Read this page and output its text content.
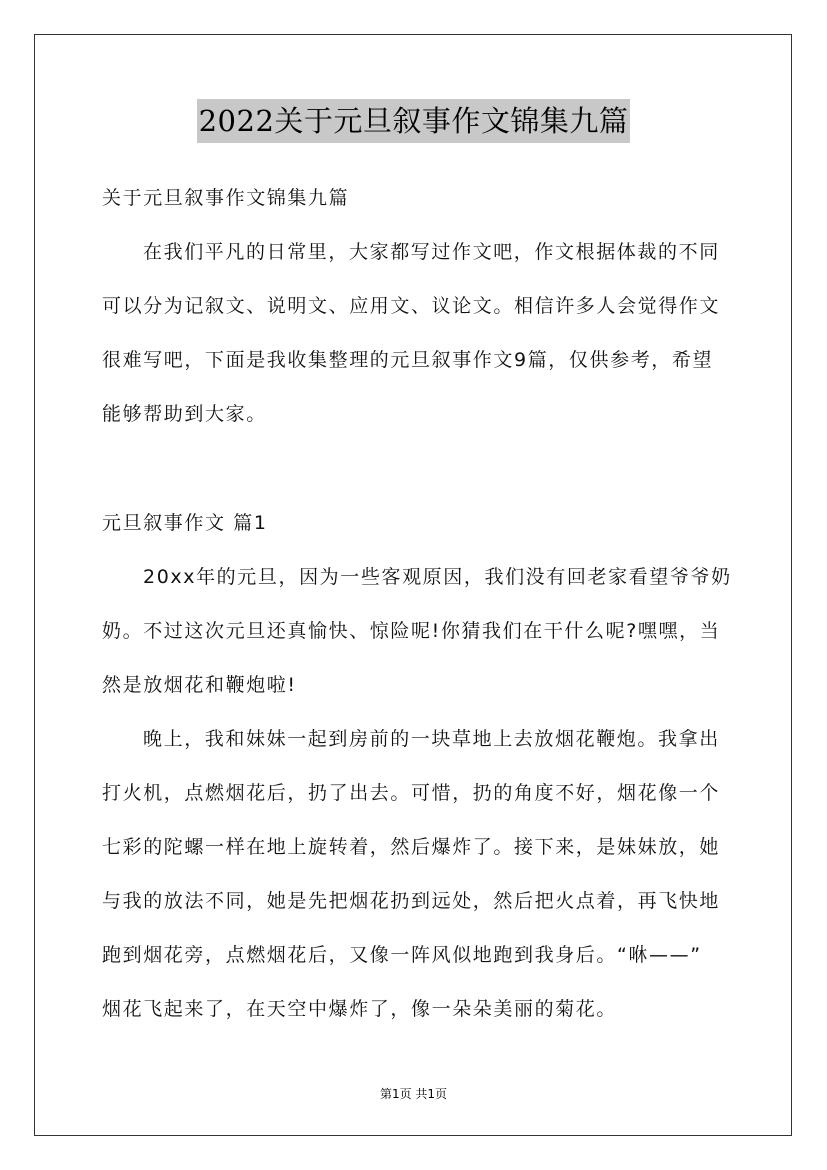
2022关于元旦叙事作文锦集九篇
关于元旦叙事作文锦集九篇
在我们平凡的日常里，大家都写过作文吧，作文根据体裁的不同
可以分为记叙文、说明文、应用文、议论文。相信许多人会觉得作文
很难写吧，下面是我收集整理的元旦叙事作文9篇，仅供参考，希望
能够帮助到大家。
元旦叙事作文 篇1
20xx年的元旦，因为一些客观原因，我们没有回老家看望爷爷奶
奶。不过这次元旦还真愉快、惊险呢!你猜我们在干什么呢?嘿嘿，当
然是放烟花和鞭炮啦!
晚上，我和妹妹一起到房前的一块草地上去放烟花鞭炮。我拿出
打火机，点燃烟花后，扔了出去。可惜，扔的角度不好，烟花像一个
七彩的陀螺一样在地上旋转着，然后爆炸了。接下来，是妹妹放，她
与我的放法不同，她是先把烟花扔到远处，然后把火点着，再飞快地
跑到烟花旁，点燃烟花后，又像一阵风似地跑到我身后。“咻——”
烟花飞起来了，在天空中爆炸了，像一朵朵美丽的菊花。
第1页 共1页
